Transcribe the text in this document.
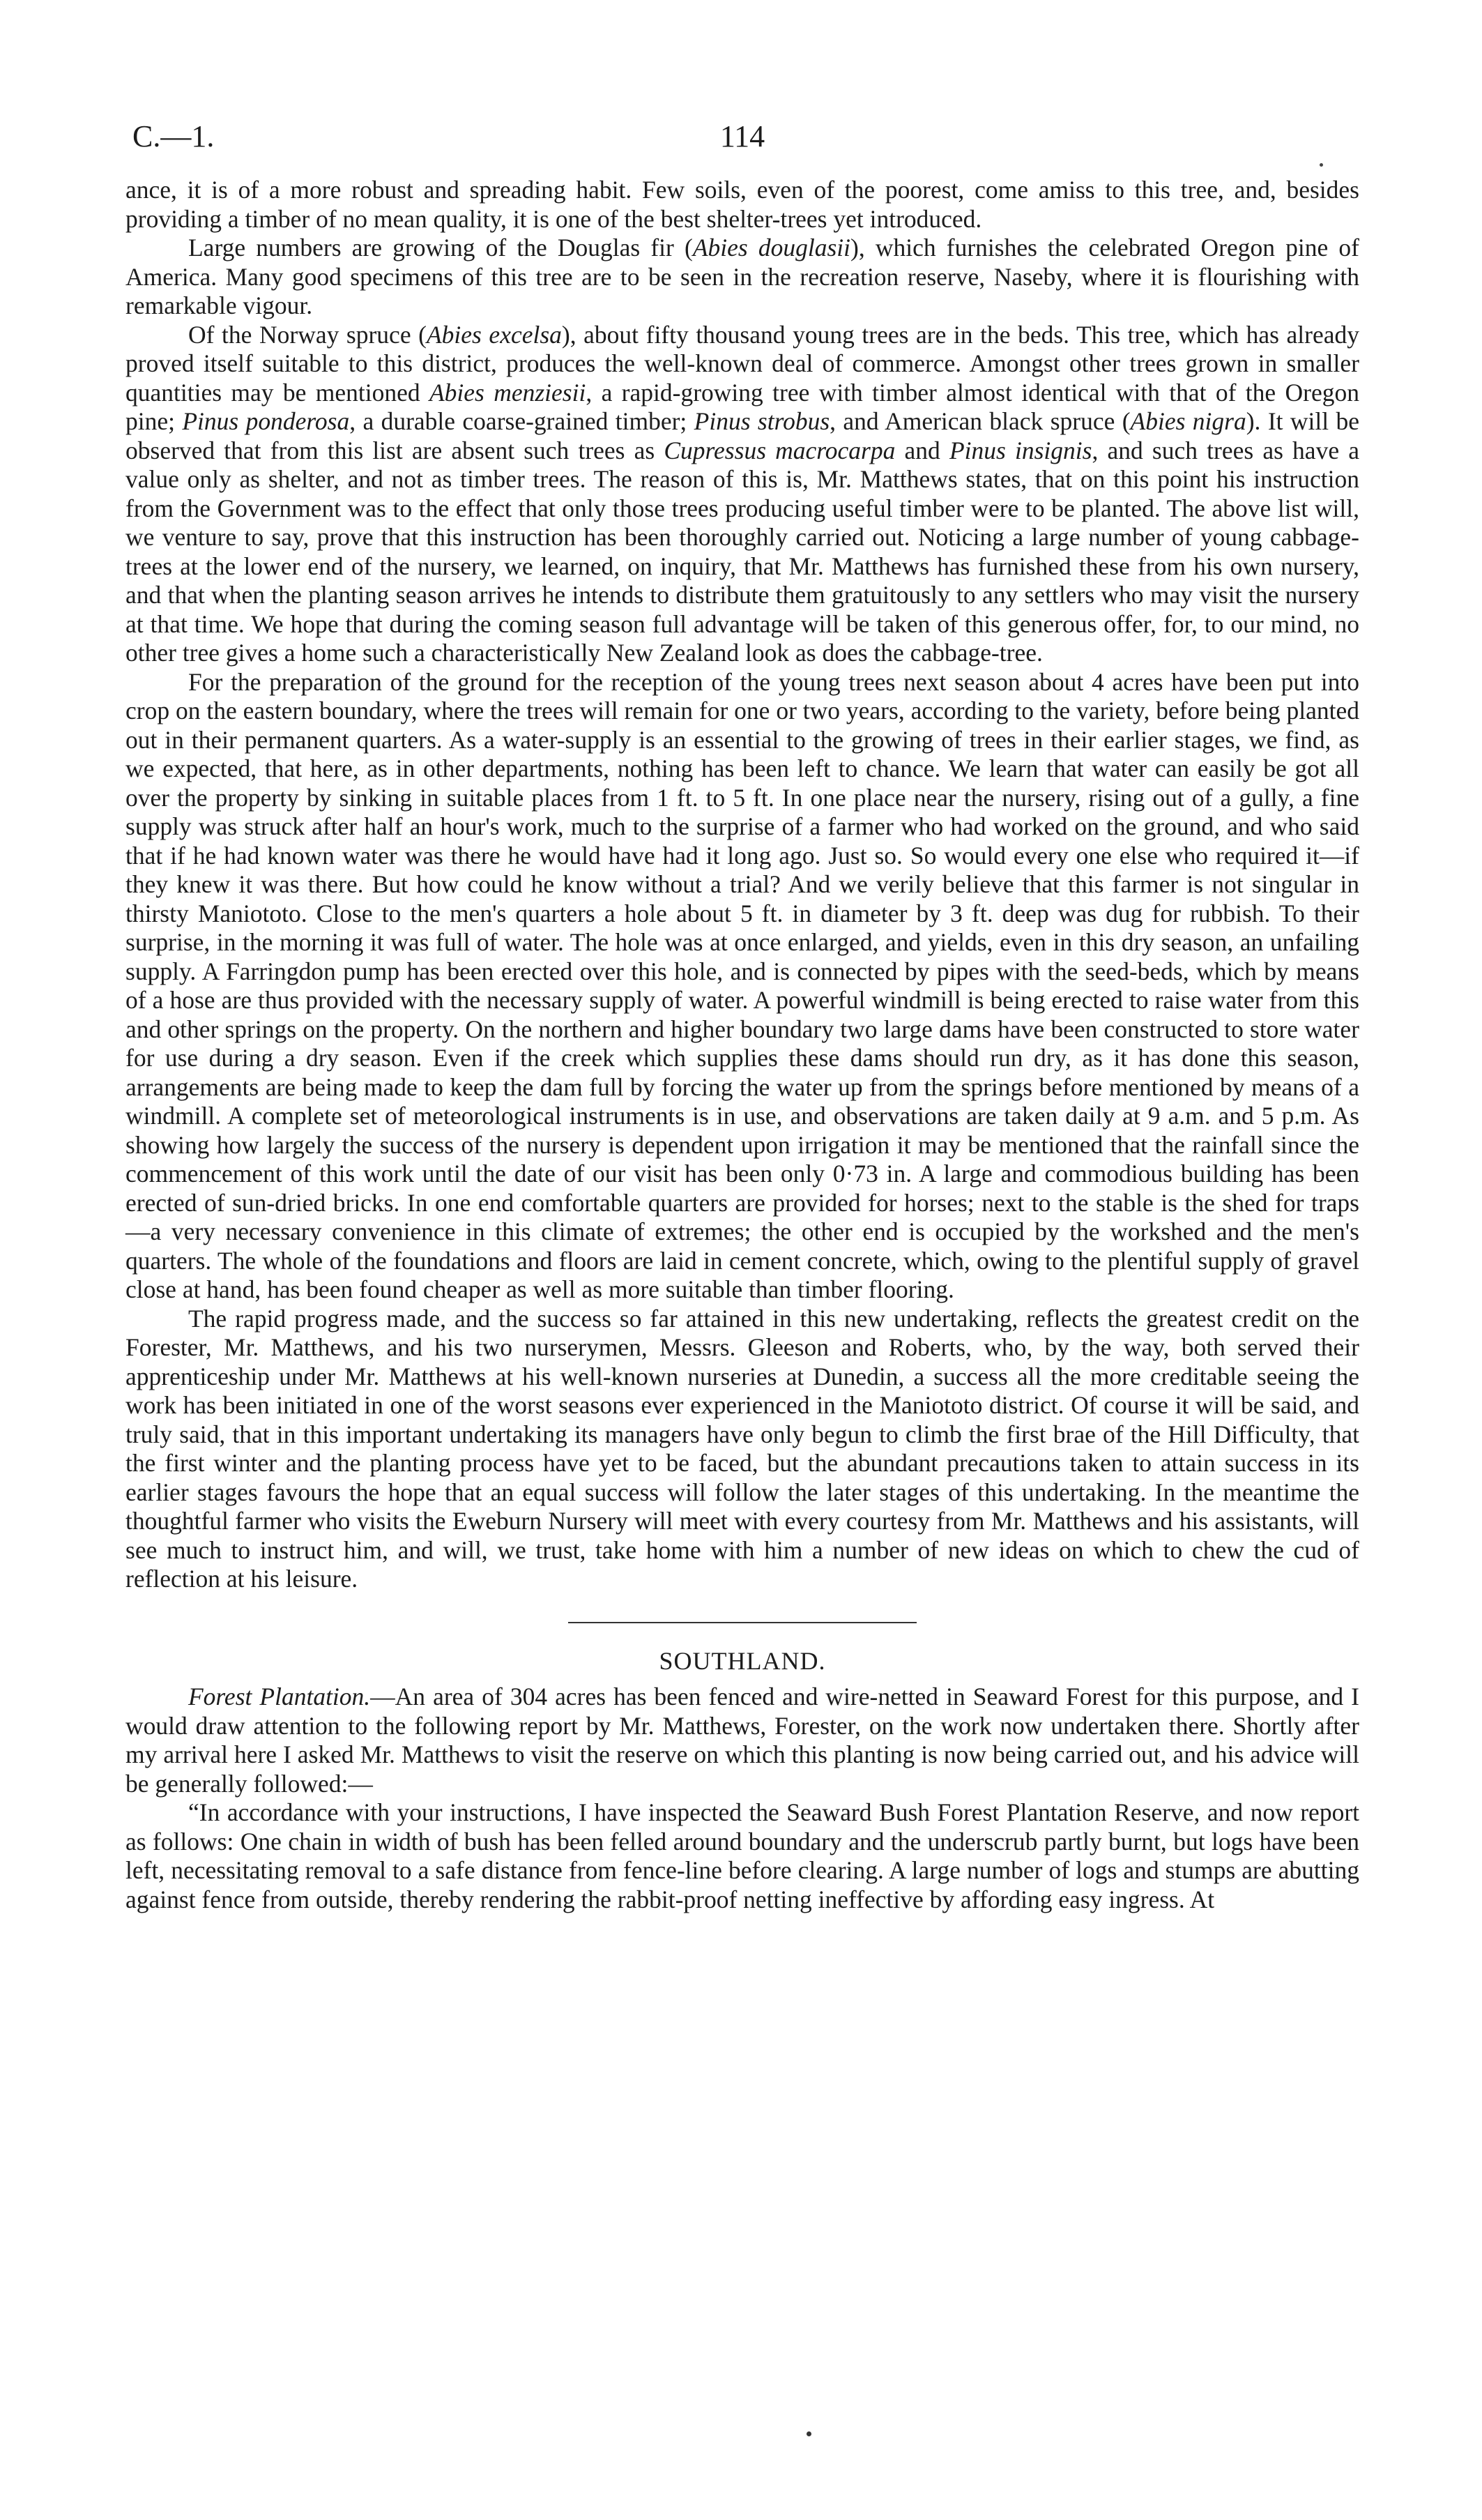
C.—1.	114

ance, it is of a more robust and spreading habit. Few soils, even of the poorest, come amiss to this tree, and, besides providing a timber of no mean quality, it is one of the best shelter-trees yet introduced.

Large numbers are growing of the Douglas fir (Abies douglasii), which furnishes the celebrated Oregon pine of America. Many good specimens of this tree are to be seen in the recreation reserve, Naseby, where it is flourishing with remarkable vigour.

Of the Norway spruce (Abies excelsa), about fifty thousand young trees are in the beds. This tree, which has already proved itself suitable to this district, produces the well-known deal of commerce. Amongst other trees grown in smaller quantities may be mentioned Abies menziesii, a rapid-growing tree with timber almost identical with that of the Oregon pine; Pinus ponderosa, a durable coarse-grained timber; Pinus strobus, and American black spruce (Abies nigra). It will be observed that from this list are absent such trees as Cupressus macrocarpa and Pinus insignis, and such trees as have a value only as shelter, and not as timber trees. The reason of this is, Mr. Matthews states, that on this point his instruction from the Government was to the effect that only those trees producing useful timber were to be planted. The above list will, we venture to say, prove that this instruction has been thoroughly carried out. Noticing a large number of young cabbage-trees at the lower end of the nursery, we learned, on inquiry, that Mr. Matthews has furnished these from his own nursery, and that when the planting season arrives he intends to distribute them gratuitously to any settlers who may visit the nursery at that time. We hope that during the coming season full advantage will be taken of this generous offer, for, to our mind, no other tree gives a home such a characteristically New Zealand look as does the cabbage-tree.

For the preparation of the ground for the reception of the young trees next season about 4 acres have been put into crop on the eastern boundary, where the trees will remain for one or two years, according to the variety, before being planted out in their permanent quarters. As a water-supply is an essential to the growing of trees in their earlier stages, we find, as we expected, that here, as in other departments, nothing has been left to chance. We learn that water can easily be got all over the property by sinking in suitable places from 1 ft. to 5 ft. In one place near the nursery, rising out of a gully, a fine supply was struck after half an hour's work, much to the surprise of a farmer who had worked on the ground, and who said that if he had known water was there he would have had it long ago. Just so. So would every one else who required it—if they knew it was there. But how could he know without a trial? And we verily believe that this farmer is not singular in thirsty Maniototo. Close to the men's quarters a hole about 5 ft. in diameter by 3 ft. deep was dug for rubbish. To their surprise, in the morning it was full of water. The hole was at once enlarged, and yields, even in this dry season, an unfailing supply. A Farringdon pump has been erected over this hole, and is connected by pipes with the seed-beds, which by means of a hose are thus provided with the necessary supply of water. A powerful windmill is being erected to raise water from this and other springs on the property. On the northern and higher boundary two large dams have been constructed to store water for use during a dry season. Even if the creek which supplies these dams should run dry, as it has done this season, arrangements are being made to keep the dam full by forcing the water up from the springs before mentioned by means of a windmill. A complete set of meteorological instruments is in use, and observations are taken daily at 9 a.m. and 5 p.m. As showing how largely the success of the nursery is dependent upon irrigation it may be mentioned that the rainfall since the commencement of this work until the date of our visit has been only 0·73 in. A large and commodious building has been erected of sun-dried bricks. In one end comfortable quarters are provided for horses; next to the stable is the shed for traps—a very necessary convenience in this climate of extremes; the other end is occupied by the workshed and the men's quarters. The whole of the foundations and floors are laid in cement concrete, which, owing to the plentiful supply of gravel close at hand, has been found cheaper as well as more suitable than timber flooring.

The rapid progress made, and the success so far attained in this new undertaking, reflects the greatest credit on the Forester, Mr. Matthews, and his two nurserymen, Messrs. Gleeson and Roberts, who, by the way, both served their apprenticeship under Mr. Matthews at his well-known nurseries at Dunedin, a success all the more creditable seeing the work has been initiated in one of the worst seasons ever experienced in the Maniototo district. Of course it will be said, and truly said, that in this important undertaking its managers have only begun to climb the first brae of the Hill Difficulty, that the first winter and the planting process have yet to be faced, but the abundant precautions taken to attain success in its earlier stages favours the hope that an equal success will follow the later stages of this undertaking. In the meantime the thoughtful farmer who visits the Eweburn Nursery will meet with every courtesy from Mr. Matthews and his assistants, will see much to instruct him, and will, we trust, take home with him a number of new ideas on which to chew the cud of reflection at his leisure.

SOUTHLAND.

Forest Plantation.—An area of 304 acres has been fenced and wire-netted in Seaward Forest for this purpose, and I would draw attention to the following report by Mr. Matthews, Forester, on the work now undertaken there. Shortly after my arrival here I asked Mr. Matthews to visit the reserve on which this planting is now being carried out, and his advice will be generally followed:—

“In accordance with your instructions, I have inspected the Seaward Bush Forest Plantation Reserve, and now report as follows: One chain in width of bush has been felled around boundary and the underscrub partly burnt, but logs have been left, necessitating removal to a safe distance from fence-line before clearing. A large number of logs and stumps are abutting against fence from outside, thereby rendering the rabbit-proof netting ineffective by affording easy ingress. At
